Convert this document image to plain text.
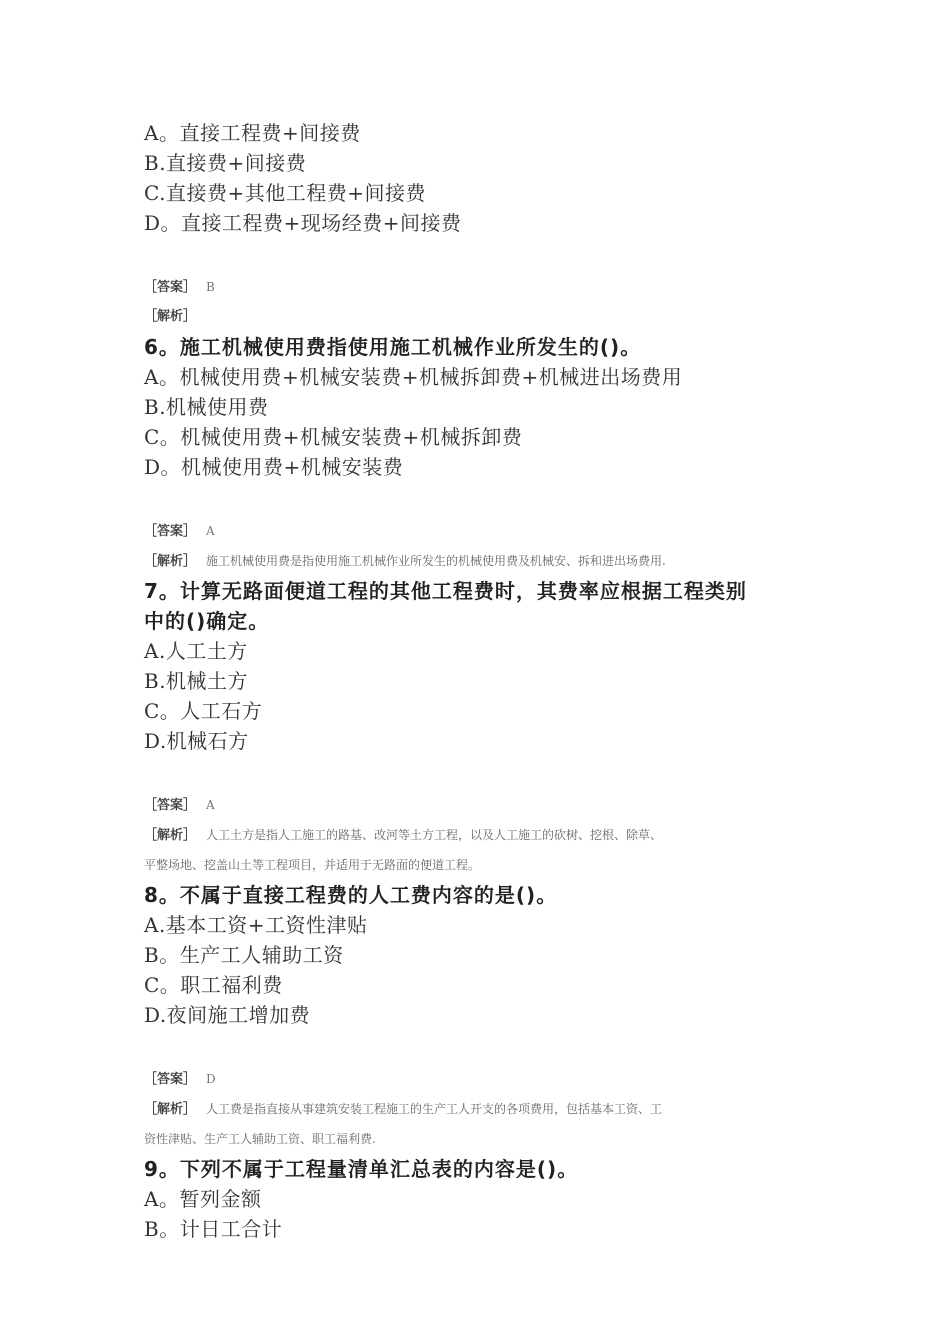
A。直接工程费+间接费
B.直接费+间接费
C.直接费+其他工程费+间接费
D。直接工程费+现场经费+间接费
［答案］ B
［解析］
6。施工机械使用费指使用施工机械作业所发生的()。
A。机械使用费+机械安装费+机械拆卸费+机械进出场费用
B.机械使用费
C。机械使用费+机械安装费+机械拆卸费
D。机械使用费+机械安装费
［答案］ A
［解析］ 施工机械使用费是指使用施工机械作业所发生的机械使用费及机械安、拆和进出场费用.
7。计算无路面便道工程的其他工程费时，其费率应根据工程类别
中的()确定。
A.人工土方
B.机械土方
C。人工石方
D.机械石方
［答案］ A
［解析］ 人工土方是指人工施工的路基、改河等土方工程，以及人工施工的砍树、挖根、除草、
平整场地、挖盖山土等工程项目，并适用于无路面的便道工程。
8。不属于直接工程费的人工费内容的是()。
A.基本工资+工资性津贴
B。生产工人辅助工资
C。职工福利费
D.夜间施工增加费
［答案］ D
［解析］ 人工费是指直接从事建筑安装工程施工的生产工人开支的各项费用，包括基本工资、工
资性津贴、生产工人辅助工资、职工福利费.
9。下列不属于工程量清单汇总表的内容是()。
A。暂列金额
B。计日工合计
